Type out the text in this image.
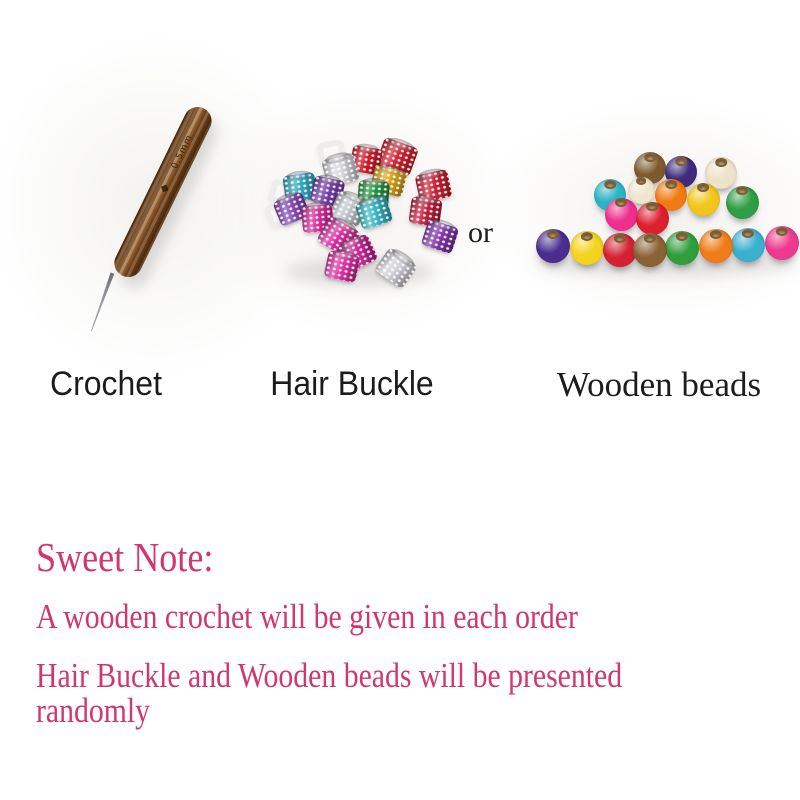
0.5mm
or
Crochet	Hair Buckle	Wooden beads
Sweet Note:
A wooden crochet will be given in each order
Hair Buckle and Wooden beads will be presented randomly
